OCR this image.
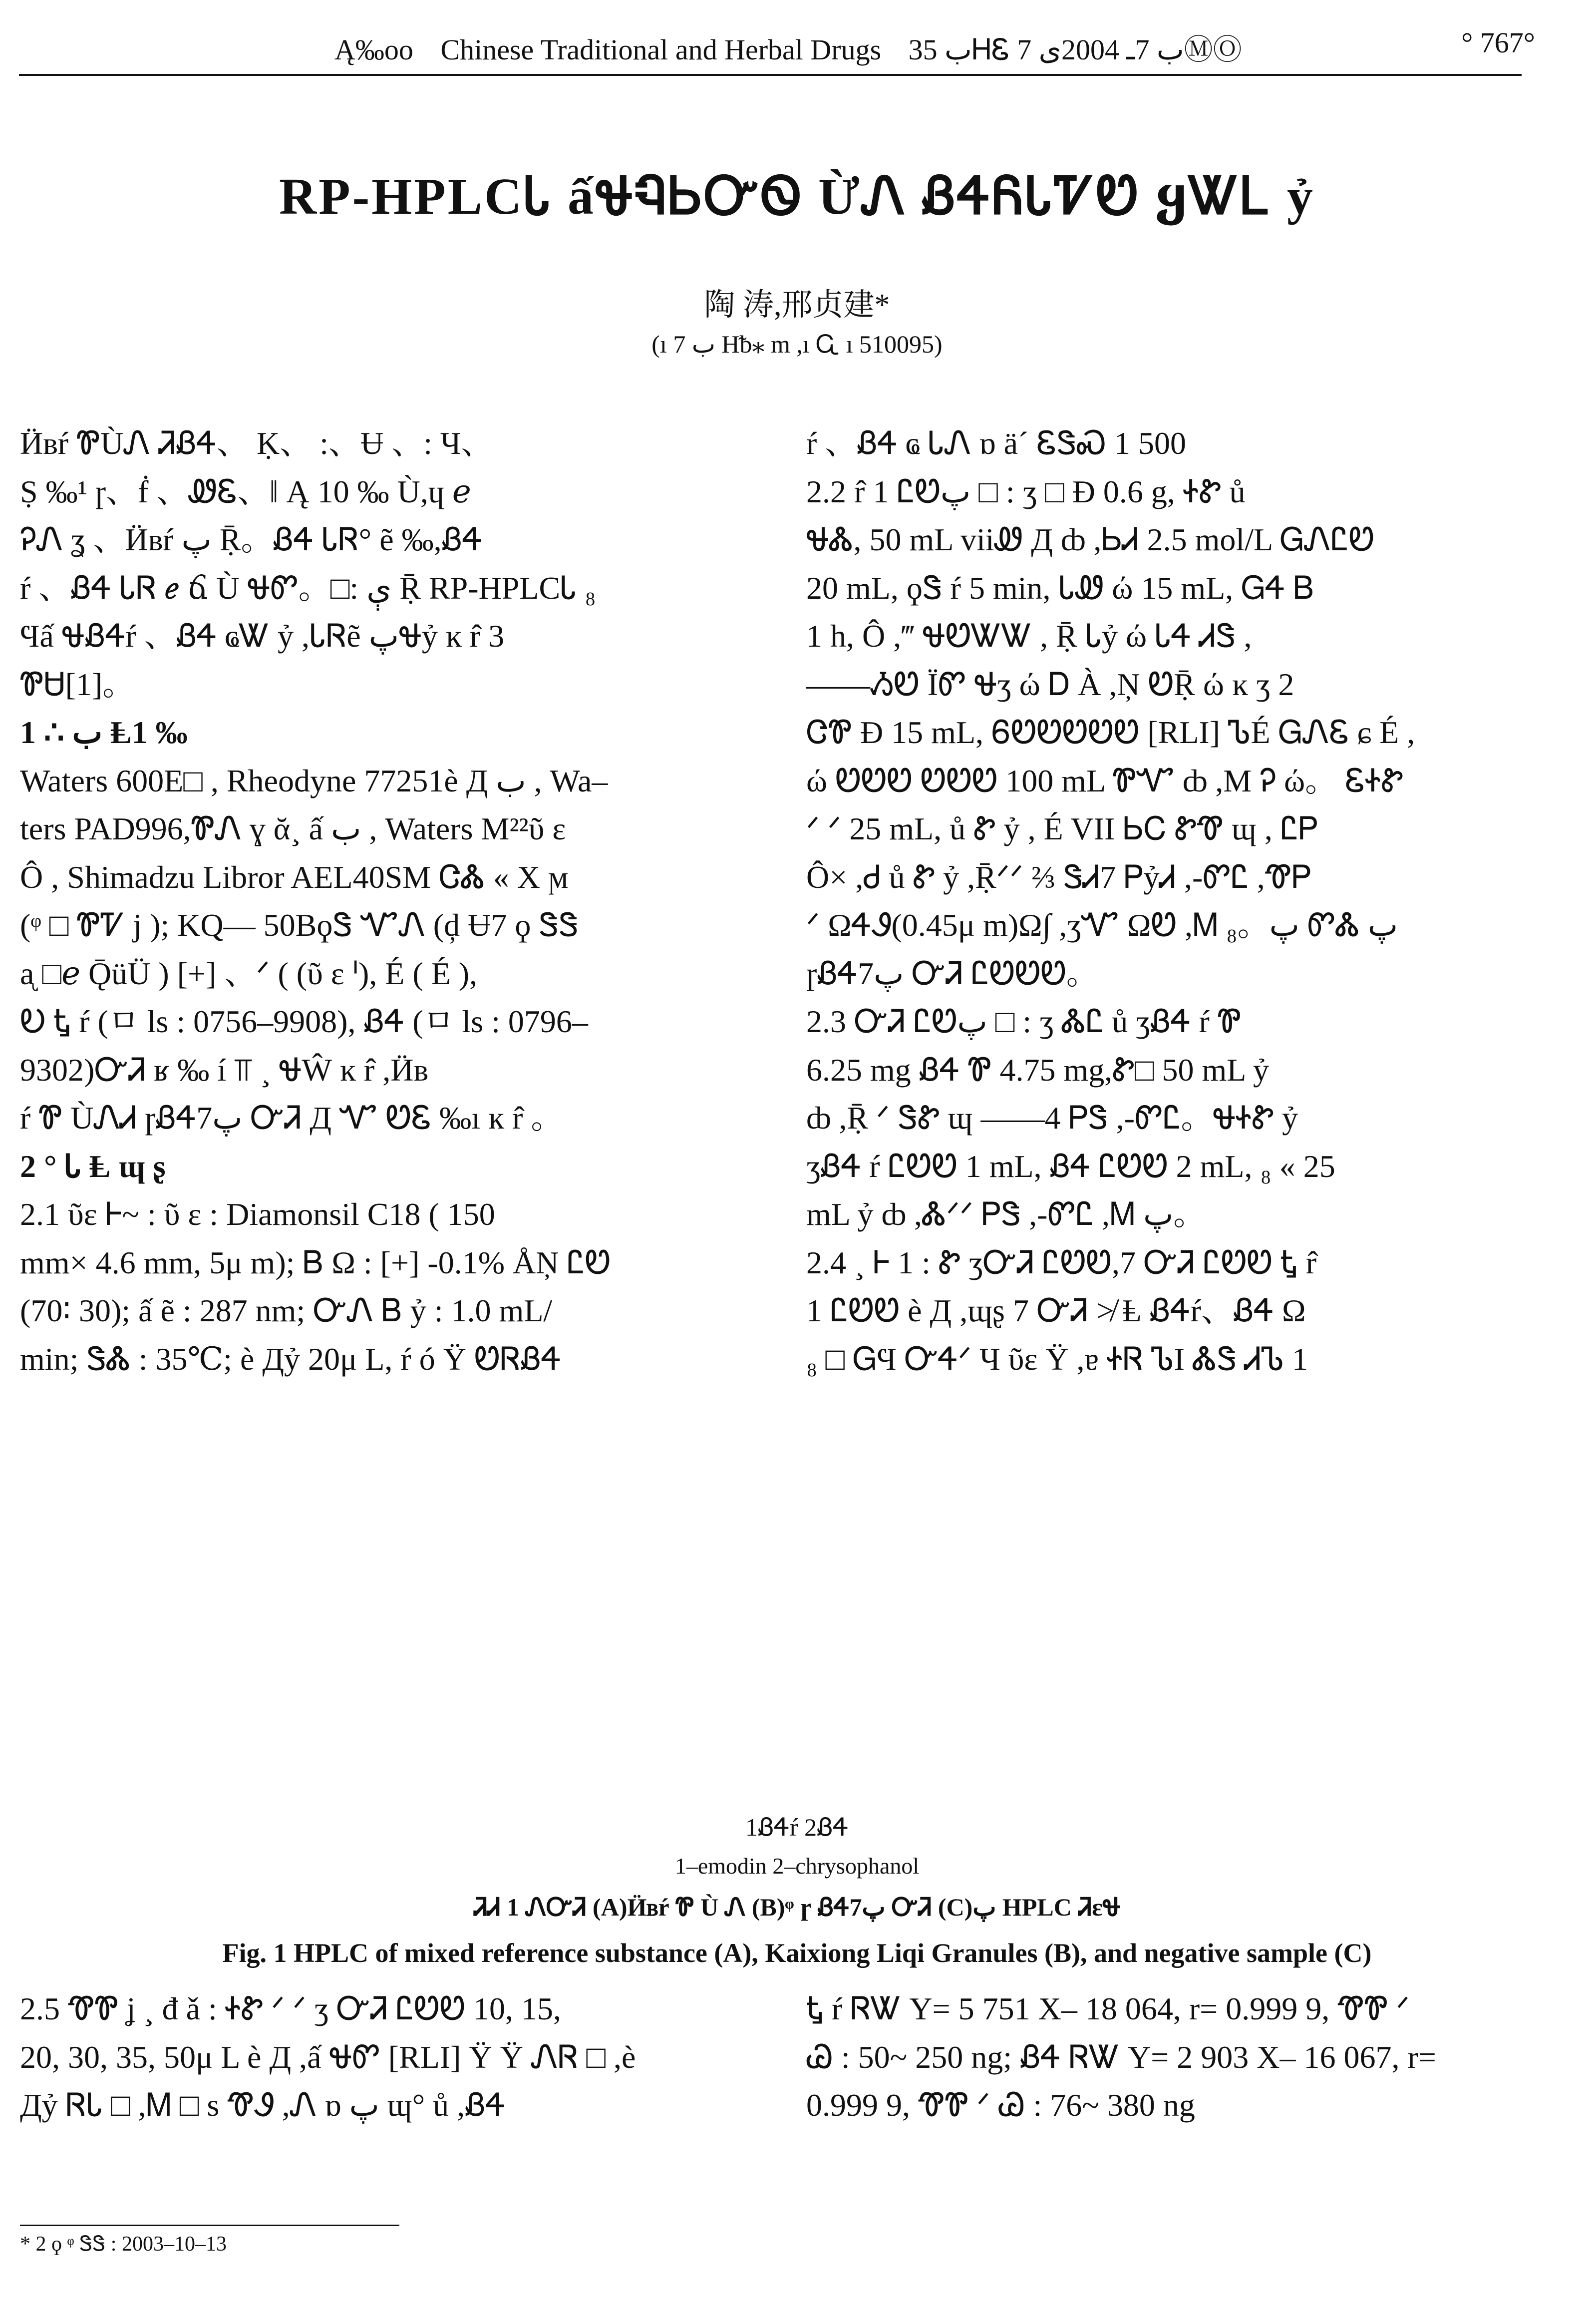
Ą‰oo Chinese Traditional and Herbal Drugs ب 35ᎻᏋ ب 7ـ 2004ى 7ⓂⓄ	° 767°
RP-HPLCᏓ ấᏠᏄᏏᏅᏫ ỪᏁ ᏰᏎᏲᏓᏤᏬ ყᏔᏞ ỷ
陶 涛,邢贞建*
(ı 7 ب Hᵬ⁎ m ,ı Ꮹ ı 510095)

Ӥᏼŕ ᏈÙᏁ ᏘᏰᏎ、 Ḳ、 :、Ʉ 、: Ч、

Ṣ ‰¹ ɼ、ḟ 、ᏪᏋ、‖ Ą 10 ‰ Ù,ɥ ℯ

ᎮᏁ ʓ 、Ӥᏼŕ پ Ṝ。ᏰᏎ ᏓᏒ° ẽ ‰,ᏰᏎ

ŕ 、ᏰᏎ ᏓᏒ ℯ ճ Ù ᏠᏛ。□: ې Ṝ RP-HPLCᏓ ₈

Ϥấ ᏠᏰᏎŕ 、ᏰᏎ ҩᏔ ỷ ,ᏓᏒẽ پᏠỷ ĸ r̂ 3

ᏈᏌ[1]。

1 ∴ ب Ⱡ1 ‰

Waters 600E□ , Rheodyne 77251è Д ب , Wa–

ters PAD996,ᏈᏁ ɣ ᾰ¸ ấ ب , Waters M²²ῦ ɛ

Ô , Shimadzu Libror AEL40SM ᏣᏜ « X ϻ

(ᵠ □ ᏈᏤ j ); KQ— 50BϙᏕ ᏉᏁ (ḑ Ʉ7 ϙ ᏕᏕ

ᶏ □ℯ ǬüÜ ) [+] 、ᐟ ( (ῦ ɛ ᑊ), É ( É ),

Ꭷ Ꮏ ŕ (ㅁ ls : 0756–9908), ᏰᏎ (ㅁ ls : 0796–

9302)ᏅᏘ ʁ ‰ í ⫪ ¸ ᏠŴ ĸ r̂ ,Ӥᏼ

ŕ Ꮘ ÙᏁᏗ ɼᏰᏎپ7 ᏅᏘ Д Ꮙ ᏬᏋ ‰ı ĸ r̂ 。

2 ° Ꮣ Ⱡ ɰ ʂ

2.1 ῦɛ Ꮀ~ : ῦ ɛ : Diamonsil C18 ( 150

mm× 4.6 mm, 5μ m); Ᏼ Ω : [+] -0.1% ÅŅ ᏝᏬ

(70∶ 30); ấ ẽ : 287 nm; ᏅᏁ Ᏼ ỷ : 1.0 mL/

min; ᏕᏜ : 35℃; è Дỷ 20μ L, ŕ ó Ÿ ᏬᏒᏰᏎ

ŕ 、ᏰᏎ ҩ ᏓᏁ ɒ ä´ ᏋᏕᏍ 1 500

2.2 r̂ 1 ᏝᏬپ □ : ӡ □ Ɖ 0.6 g, ᏐᏑ ů

ᏠᏜ, 50 mL viiᏪ Д ȸ ,ᏏᏗ 2.5 mol/L ᏀᏁᏝᏬ

20 mL, ϙᏕ ŕ 5 min, ᏓᏪ ώ 15 mL, ᏀᏎ Ᏼ

1 h, Ô ,‴ ᏠᏬᏔᏔ , Ṝ Ꮣỷ ώ ᏓᏎ ᏗᏕ ,

——ᏱᏬ ÏᏛ Ꮰӡ ώ Ꭰ À ,Ņ ᏬṜ ώ ĸ ӡ 2

ᏣᏈ Ɖ 15 mL, ᏮᏬᏬᏬᏬᏬ [RLI] ᏖÉ ᏀᏁᏋ ɕ É ,

ώ ᏬᏬᏬ ᏬᏬᏬ 100 mL ᏈᏉ ȸ ,M Ꭾ ώ。 ᏋᏐᏑ

ᐟ ᐟ 25 mL, ů Ꮡ ỷ , É VII ᏏᏟ ᏑᏡ ɰ , ᏝᏢ

Ô× ,Ꮷ ů Ꮡ ỷ ,Ṝᐟᐟ ⅔ ᏕᏗ7 ᏢỷᏗ ,-ᏛᏝ ,ᏡᏢ

ᐟ ΩᏎᏭ(0.45μ m)Ω∫ ,ӡᏉ ΩᏬ ,Ꮇ پ。₈ ᏛᏜ پ

ɼᏰᏎپ7 ᏅᏘ ᏝᏬᏬᏬ。

2.3 ᏅᏘ ᏝᏬپ □ : ӡ ᏜᏝ ů ӡᏰᏎ ŕ Ꮘ

6.25 mg ᏰᏎ Ꮘ 4.75 mg,Ꮡ□ 50 mL ỷ

ȸ ,Ṝ ᐟ ᏕᏑ ɰ ——4 ᏢᏕ ,-ᏛᏝ。ᏠᏐᏑ ỷ

ӡᏰᏎ ŕ ᏝᏬᏬ 1 mL, ᏰᏎ ᏝᏬᏬ 2 mL, ₈ « 25

mL ỷ ȸ ,Ꮬᐟᐟ ᏢᏕ ,-ᏛᏝ ,Ꮇ پ。

2.4 ¸ Ꮀ 1 : Ꮡ ӡᏅᏘ ᏝᏬᏬ,7 ᏅᏘ ᏝᏬᏬ Ꮏ r̂

1 ᏝᏬᏬ è Д ,ɰʂ 7 ᏅᏘ ≯ Ⱡ ᏰᏎŕ、ᏰᏎ Ω

₈ □ ᏀϤ ᏅᏎᐟ Ч ῦɛ Ÿ ,ɐ ᏐᏒ ᏖI ᏜᏕ ᏗᏖ 1

1ᏰᏎŕ 2ᏰᏎ
1–emodin 2–chrysophanol
ᏘᏗ 1 ᏁᏅᏘ (A)Ӥᏼŕ Ꮘ Ù Ꮑ (B)ᵠ ɼ ᏰᏎپ7 ᏅᏘ (C)پ HPLC ᏘɛᏠ
Fig. 1 HPLC of mixed reference substance (A), Kaixiong Liqi Granules (B), and negative sample (C)

2.5 ᏡᏈ ʝ ¸ đ ǎ : ᏐᏑ ᐟ ᐟ ӡ ᏅᏘ ᏝᏬᏬ 10, 15,

20, 30, 35, 50μ L è Д ,ấ ᏠᏛ [RLI] Ÿ Ÿ ᏁᏒ □ ,è

Дỷ ᏒᏓ □ ,Ꮇ □ s ᏡᏭ ,Ꮑ ɒ پ ɰ° ů ,ᏰᏎ

Ꮏ ŕ ᏒᏔ Y= 5 751 X– 18 064, r= 0.999 9, ᏡᏈ ᐟ

Ꮚ : 50~ 250 ng; ᏰᏎ ᏒᏔ Y= 2 903 X– 16 067, r=

0.999 9, ᏡᏈ ᐟ Ꮚ : 76~ 380 ng

* 2 ϙ ᵠ ᏕᏕ : 2003–10–13
